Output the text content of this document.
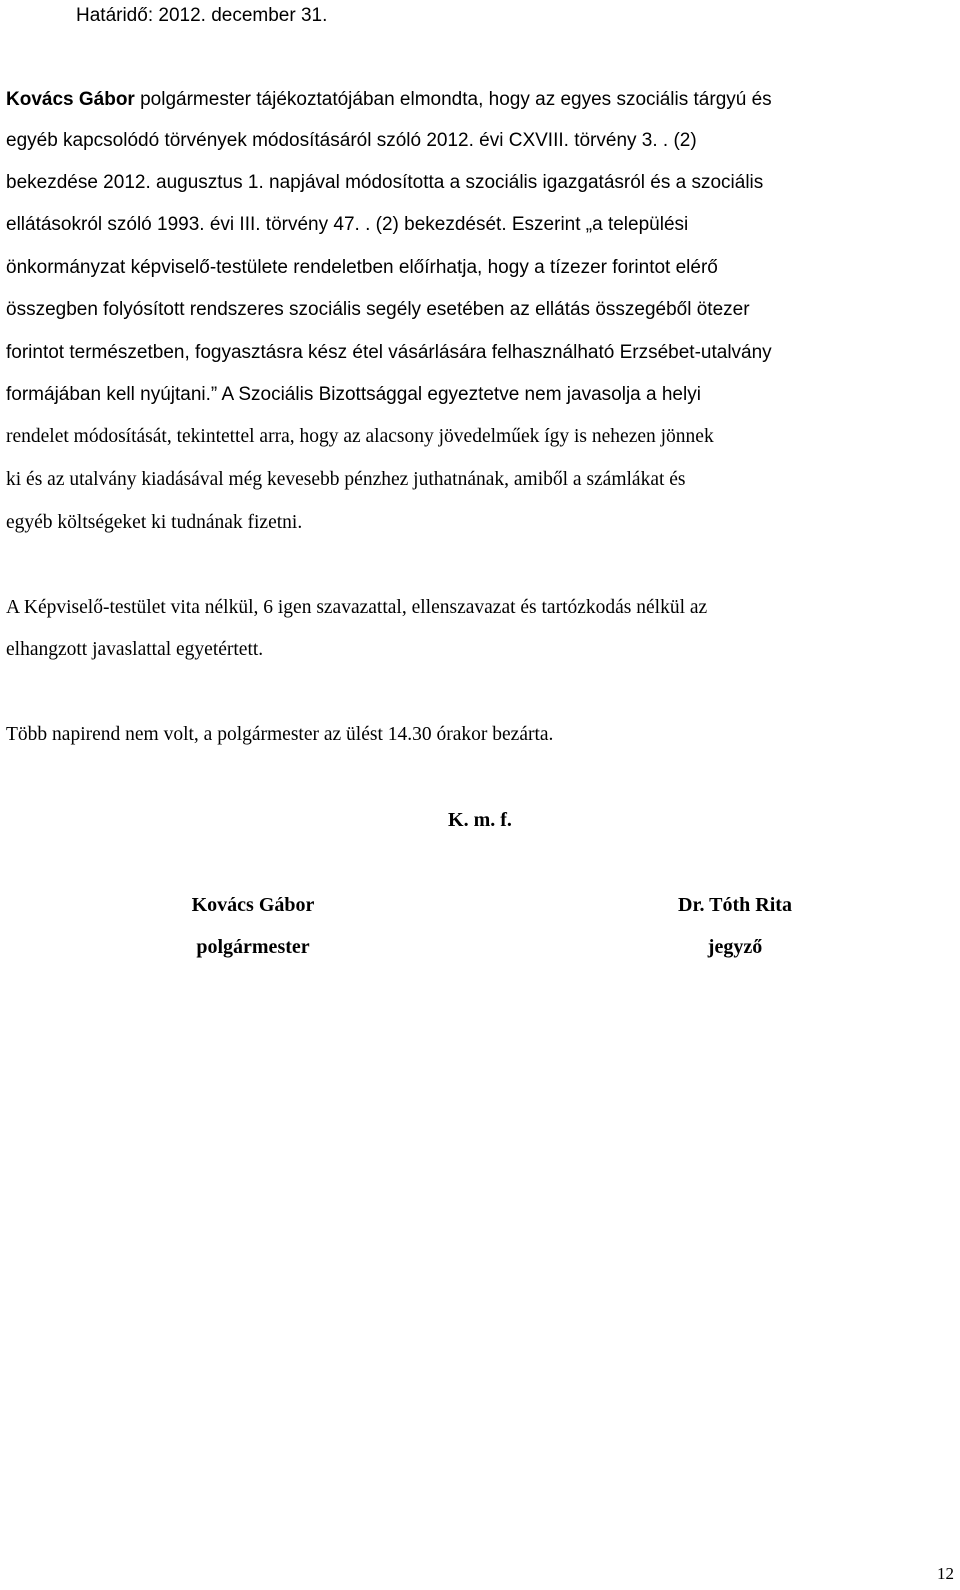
Határidő: 2012. december 31.

Kovács Gábor polgármester tájékoztatójában elmondta, hogy az egyes szociális tárgyú és

egyéb kapcsolódó törvények módosításáról szóló 2012. évi CXVIII. törvény 3. . (2)

bekezdése 2012. augusztus 1. napjával módosította a szociális igazgatásról és a szociális

ellátásokról szóló 1993. évi III. törvény 47. . (2) bekezdését. Eszerint „a települési

önkormányzat képviselő-testülete rendeletben előírhatja, hogy a tízezer forintot elérő

összegben folyósított rendszeres szociális segély esetében az ellátás összegéből ötezer

forintot természetben, fogyasztásra kész étel vásárlására felhasználható Erzsébet-utalvány

formájában kell nyújtani.” A Szociális Bizottsággal egyeztetve nem javasolja a helyi

rendelet módosítását, tekintettel arra, hogy az alacsony jövedelműek így is nehezen jönnek

ki és az utalvány kiadásával még kevesebb pénzhez juthatnának, amiből a számlákat és

egyéb költségeket ki tudnának fizetni.

A Képviselő-testület vita nélkül, 6 igen szavazattal, ellenszavazat és tartózkodás nélkül az

elhangzott javaslattal egyetértett.

Több napirend nem volt, a polgármester az ülést 14.30 órakor bezárta.

K. m. f.
Kovács Gábor
polgármester
Dr. Tóth Rita
jegyző
12
